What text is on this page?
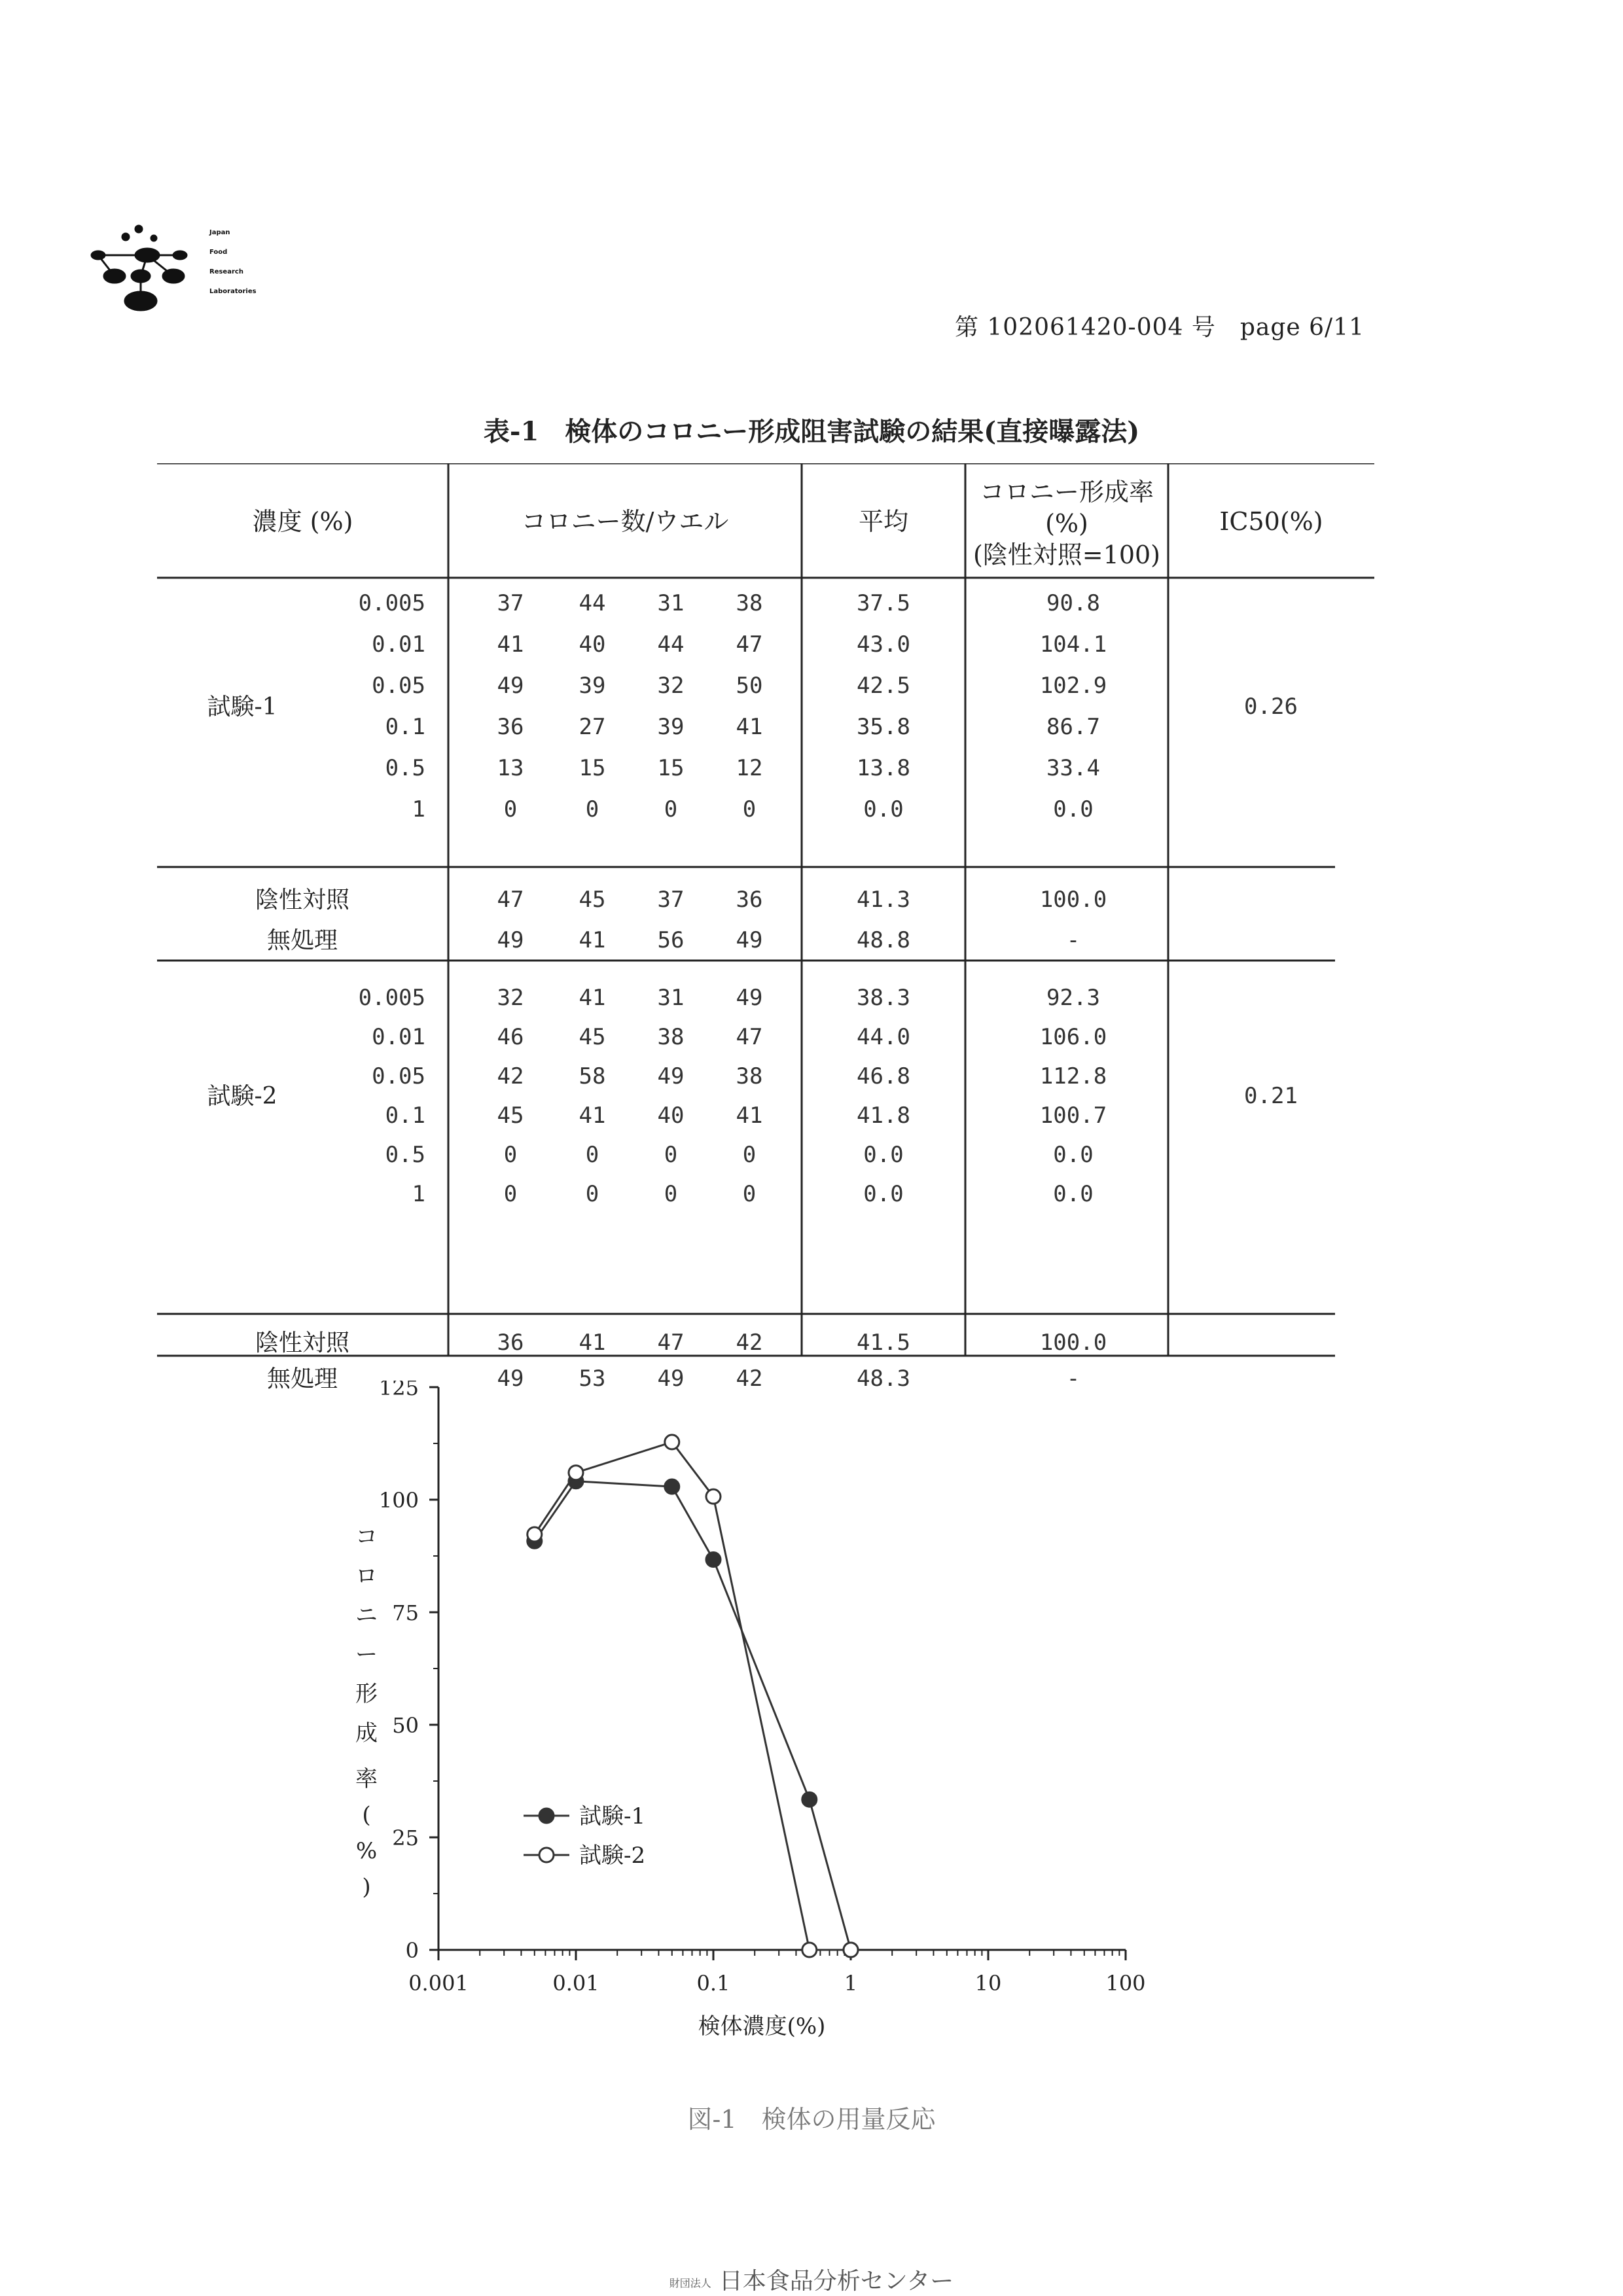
Japan
Food
Research
Laboratories
第 102061420-004 号　page 6/11
表-1　検体のコロニー形成阻害試験の結果(直接曝露法)
濃度 (%)	コロニー数/ウエル	平均
コロニー形成率
(%)
(陰性対照=100)
IC50(%)
0.005	37	44	31	38	37.5	90.8
0.01	41	40	44	47	43.0	104.1
0.05	49	39	32	50	42.5	102.9
0.1	36	27	39	41	35.8	86.7
0.5	13	15	15	12	13.8	33.4
1	0	0	0	0	0.0	0.0
試験-1	0.26
陰性対照	47	45	37	36	41.3	100.0
無処理	49	41	56	49	48.8	-
0.005	32	41	31	49	38.3	92.3
0.01	46	45	38	47	44.0	106.0
0.05	42	58	49	38	46.8	112.8
0.1	45	41	40	41	41.8	100.7
0.5	0	0	0	0	0.0	0.0
1	0	0	0	0	0.0	0.0
試験-2	0.21
陰性対照	36	41	47	42	41.5	100.0
無処理	49	53	49	42	48.3	-
0
25
50
75
100
125
コロニー形成率( % )
0.001	0.01	0.1	1	10	100
試験-1
試験-2
検体濃度(%)
図-1　検体の用量反応
財団法人 日本食品分析センター
